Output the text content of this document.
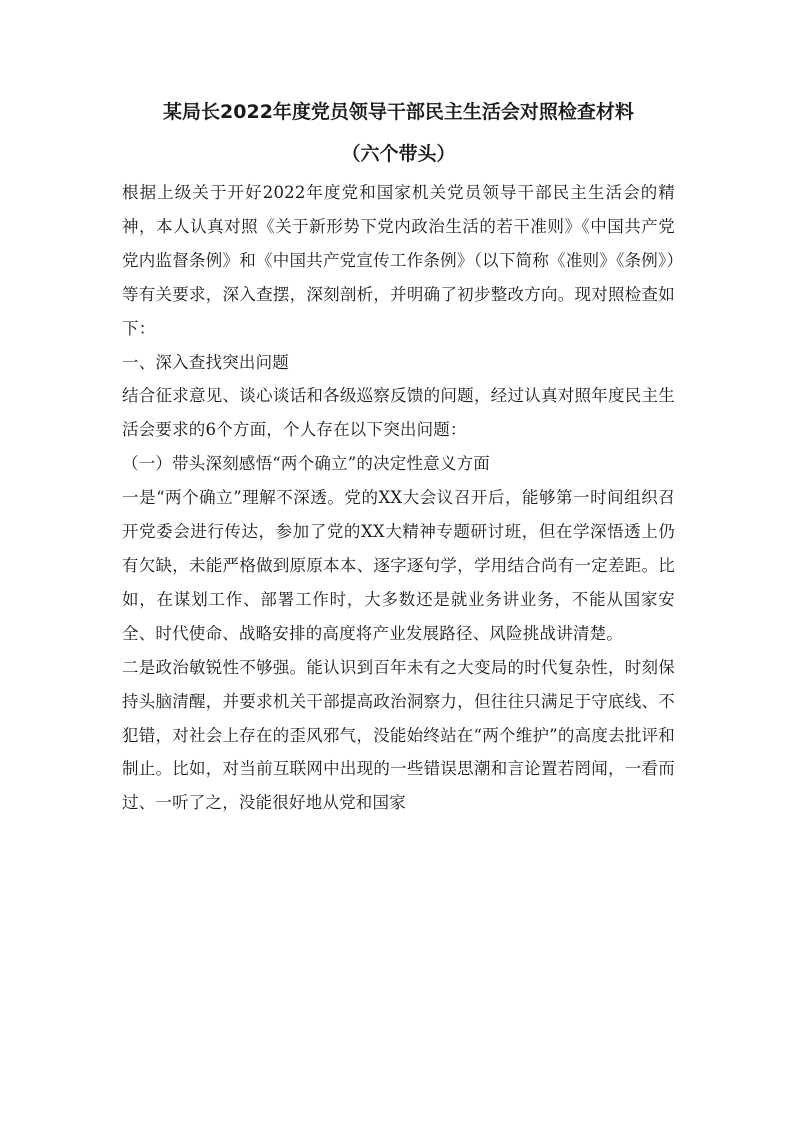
某局长2022年度党员领导干部民主生活会对照检查材料
（六个带头）

根据上级关于开好2022年度党和国家机关党员领导干部民主生活会的精神，本人认真对照《关于新形势下党内政治生活的若干准则》《中国共产党党内监督条例》和《中国共产党宣传工作条例》（以下简称《准则》《条例》）等有关要求，深入查摆，深刻剖析，并明确了初步整改方向。现对照检查如下：

一、深入查找突出问题

结合征求意见、谈心谈话和各级巡察反馈的问题，经过认真对照年度民主生活会要求的6个方面，个人存在以下突出问题：

（一）带头深刻感悟“两个确立”的决定性意义方面

一是“两个确立”理解不深透。党的XX大会议召开后，能够第一时间组织召开党委会进行传达，参加了党的XX大精神专题研讨班，但在学深悟透上仍有欠缺，未能严格做到原原本本、逐字逐句学，学用结合尚有一定差距。比如，在谋划工作、部署工作时，大多数还是就业务讲业务，不能从国家安全、时代使命、战略安排的高度将产业发展路径、风险挑战讲清楚。

二是政治敏锐性不够强。能认识到百年未有之大变局的时代复杂性，时刻保持头脑清醒，并要求机关干部提高政治洞察力，但往往只满足于守底线、不犯错，对社会上存在的歪风邪气，没能始终站在“两个维护”的高度去批评和制止。比如，对当前互联网中出现的一些错误思潮和言论置若罔闻，一看而过、一听了之，没能很好地从党和国家
